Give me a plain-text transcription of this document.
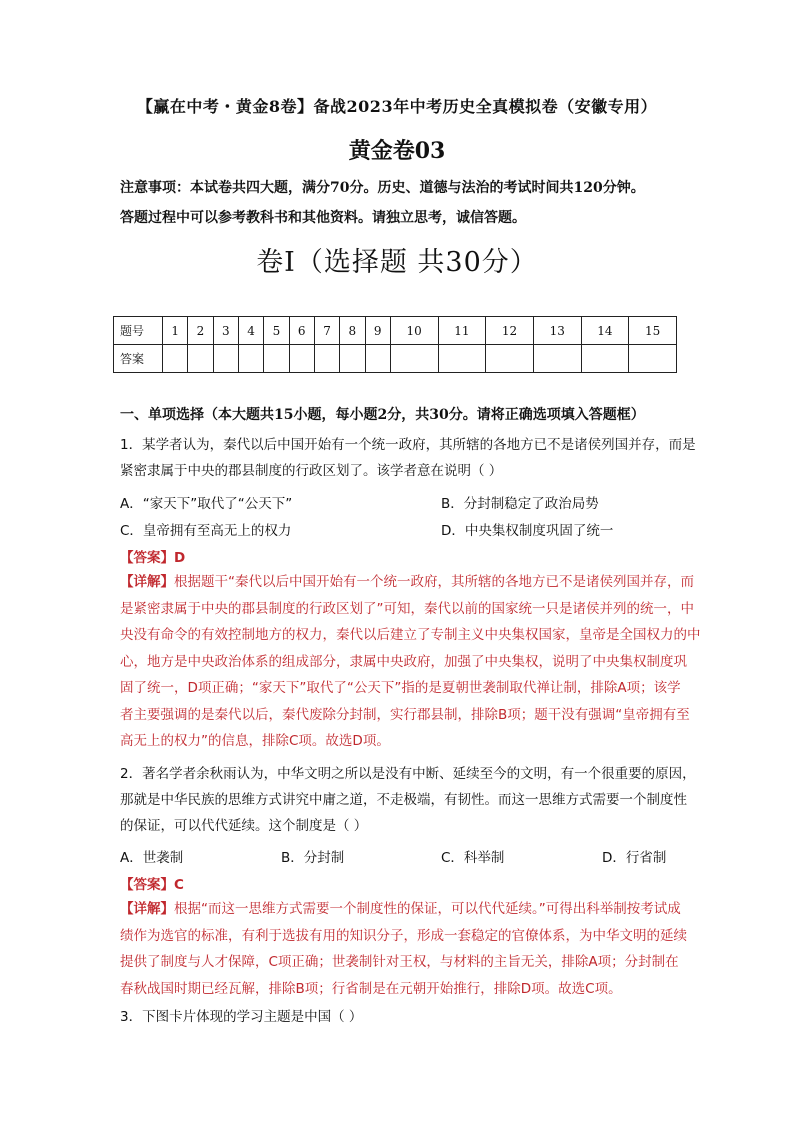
【赢在中考・黄金8卷】备战2023年中考历史全真模拟卷（安徽专用）
黄金卷03
注意事项：本试卷共四大题，满分70分。历史、道德与法治的考试时间共120分钟。
答题过程中可以参考教科书和其他资料。请独立思考，诚信答题。
卷Ⅰ（选择题 共30分）
题号	1	2	3	4	5	6	7	8	9	10	11	12	13	14	15
答案															
一、单项选择（本大题共15小题，每小题2分，共30分。请将正确选项填入答题框）
1．某学者认为，秦代以后中国开始有一个统一政府，其所辖的各地方已不是诸侯列国并存，而是
紧密隶属于中央的郡县制度的行政区划了。该学者意在说明（ ）
A．“家天下”取代了“公天下”	B．分封制稳定了政治局势
C．皇帝拥有至高无上的权力	D．中央集权制度巩固了统一
【答案】D
【详解】根据题干“秦代以后中国开始有一个统一政府，其所辖的各地方已不是诸侯列国并存，而
是紧密隶属于中央的郡县制度的行政区划了”可知，秦代以前的国家统一只是诸侯并列的统一，中
央没有命令的有效控制地方的权力，秦代以后建立了专制主义中央集权国家，皇帝是全国权力的中
心，地方是中央政治体系的组成部分，隶属中央政府，加强了中央集权，说明了中央集权制度巩
固了统一，D项正确；“家天下”取代了“公天下”指的是夏朝世袭制取代禅让制，排除A项；该学
者主要强调的是秦代以后，秦代废除分封制，实行郡县制，排除B项；题干没有强调“皇帝拥有至
高无上的权力”的信息，排除C项。故选D项。
2．著名学者余秋雨认为，中华文明之所以是没有中断、延续至今的文明，有一个很重要的原因，
那就是中华民族的思维方式讲究中庸之道，不走极端，有韧性。而这一思维方式需要一个制度性
的保证，可以代代延续。这个制度是（ ）
A．世袭制	B．分封制	C．科举制	D．行省制
【答案】C
【详解】根据“而这一思维方式需要一个制度性的保证，可以代代延续。”可得出科举制按考试成
绩作为选官的标准，有利于选拔有用的知识分子，形成一套稳定的官僚体系，为中华文明的延续
提供了制度与人才保障，C项正确；世袭制针对王权，与材料的主旨无关，排除A项；分封制在
春秋战国时期已经瓦解，排除B项；行省制是在元朝开始推行，排除D项。故选C项。
3．下图卡片体现的学习主题是中国（ ）
